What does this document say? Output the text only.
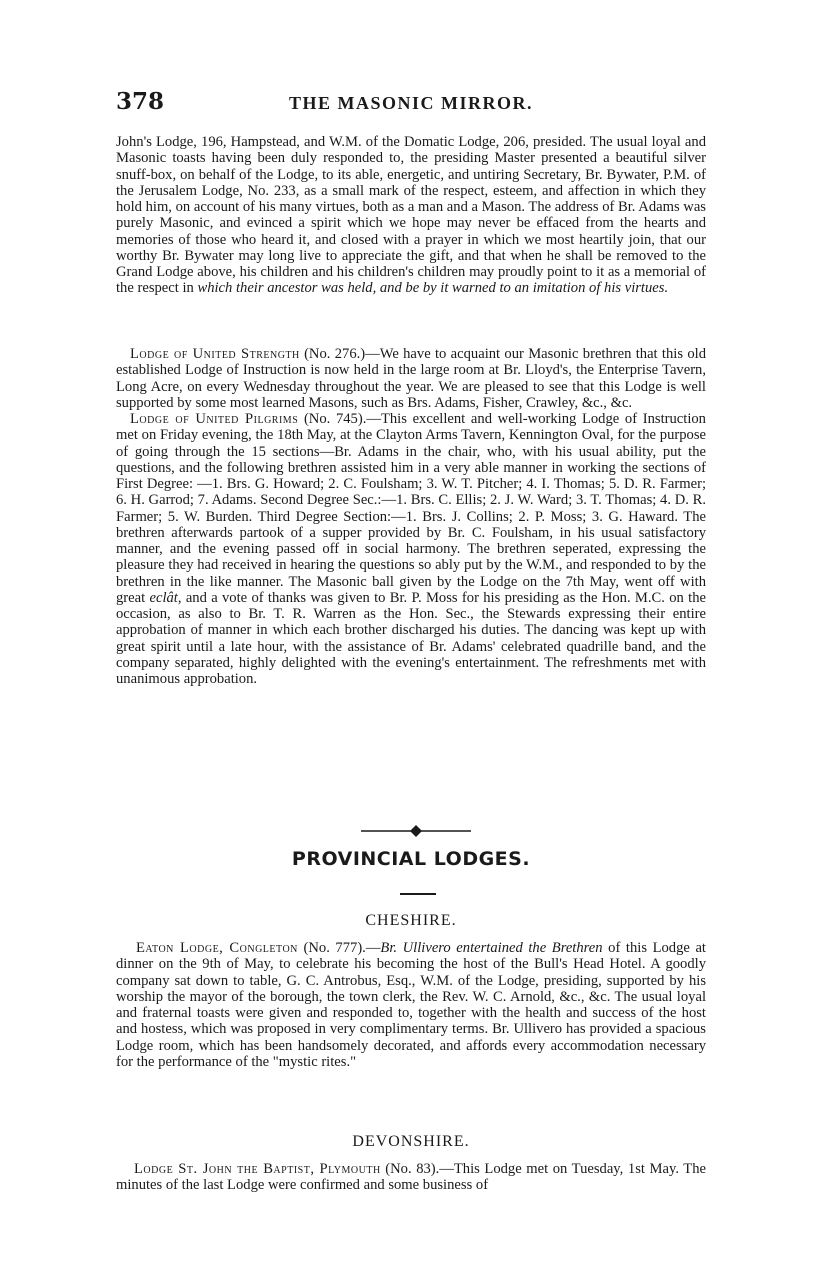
378	THE MASONIC MIRROR.

John's Lodge, 196, Hampstead, and W.M. of the Domatic Lodge, 206, presided. The usual loyal and Masonic toasts having been duly responded to, the presiding Master presented a beautiful silver snuff-box, on behalf of the Lodge, to its able, energetic, and untiring Secretary, Br. Bywater, P.M. of the Jerusalem Lodge, No. 233, as a small mark of the respect, esteem, and affection in which they hold him, on account of his many virtues, both as a man and a Mason. The address of Br. Adams was purely Masonic, and evinced a spirit which we hope may never be effaced from the hearts and memories of those who heard it, and closed with a prayer in which we most heartily join, that our worthy Br. Bywater may long live to appreciate the gift, and that when he shall be removed to the Grand Lodge above, his children and his children's children may proudly point to it as a memorial of the respect in which their ancestor was held, and be by it warned to an imitation of his virtues.

Lodge of United Strength (No. 276.)—We have to acquaint our Masonic brethren that this old established Lodge of Instruction is now held in the large room at Br. Lloyd's, the Enterprise Tavern, Long Acre, on every Wednesday throughout the year. We are pleased to see that this Lodge is well supported by some most learned Masons, such as Brs. Adams, Fisher, Crawley, &c., &c.

Lodge of United Pilgrims (No. 745).—This excellent and well-working Lodge of Instruction met on Friday evening, the 18th May, at the Clayton Arms Tavern, Kennington Oval, for the purpose of going through the 15 sections—Br. Adams in the chair, who, with his usual ability, put the questions, and the following brethren assisted him in a very able manner in working the sections of First Degree: —1. Brs. G. Howard; 2. C. Foulsham; 3. W. T. Pitcher; 4. I. Thomas; 5. D. R. Farmer; 6. H. Garrod; 7. Adams. Second Degree Sec.:—1. Brs. C. Ellis; 2. J. W. Ward; 3. T. Thomas; 4. D. R. Farmer; 5. W. Burden. Third Degree Section:—1. Brs. J. Collins; 2. P. Moss; 3. G. Haward. The brethren afterwards partook of a supper provided by Br. C. Foulsham, in his usual satisfactory manner, and the evening passed off in social harmony. The brethren seperated, expressing the pleasure they had received in hearing the questions so ably put by the W.M., and responded to by the brethren in the like manner. The Masonic ball given by the Lodge on the 7th May, went off with great eclât, and a vote of thanks was given to Br. P. Moss for his presiding as the Hon. M.C. on the occasion, as also to Br. T. R. Warren as the Hon. Sec., the Stewards expressing their entire approbation of manner in which each brother discharged his duties. The dancing was kept up with great spirit until a late hour, with the assistance of Br. Adams' celebrated quadrille band, and the company separated, highly delighted with the evening's entertainment. The refreshments met with unanimous approbation.

PROVINCIAL LODGES.
CHESHIRE.

Eaton Lodge, Congleton (No. 777).—Br. Ullivero entertained the Brethren of this Lodge at dinner on the 9th of May, to celebrate his becoming the host of the Bull's Head Hotel. A goodly company sat down to table, G. C. Antrobus, Esq., W.M. of the Lodge, presiding, supported by his worship the mayor of the borough, the town clerk, the Rev. W. C. Arnold, &c., &c. The usual loyal and fraternal toasts were given and responded to, together with the health and success of the host and hostess, which was proposed in very complimentary terms. Br. Ullivero has provided a spacious Lodge room, which has been handsomely decorated, and affords every accommodation necessary for the performance of the "mystic rites."

DEVONSHIRE.

Lodge St. John the Baptist, Plymouth (No. 83).—This Lodge met on Tuesday, 1st May. The minutes of the last Lodge were confirmed and some business of
